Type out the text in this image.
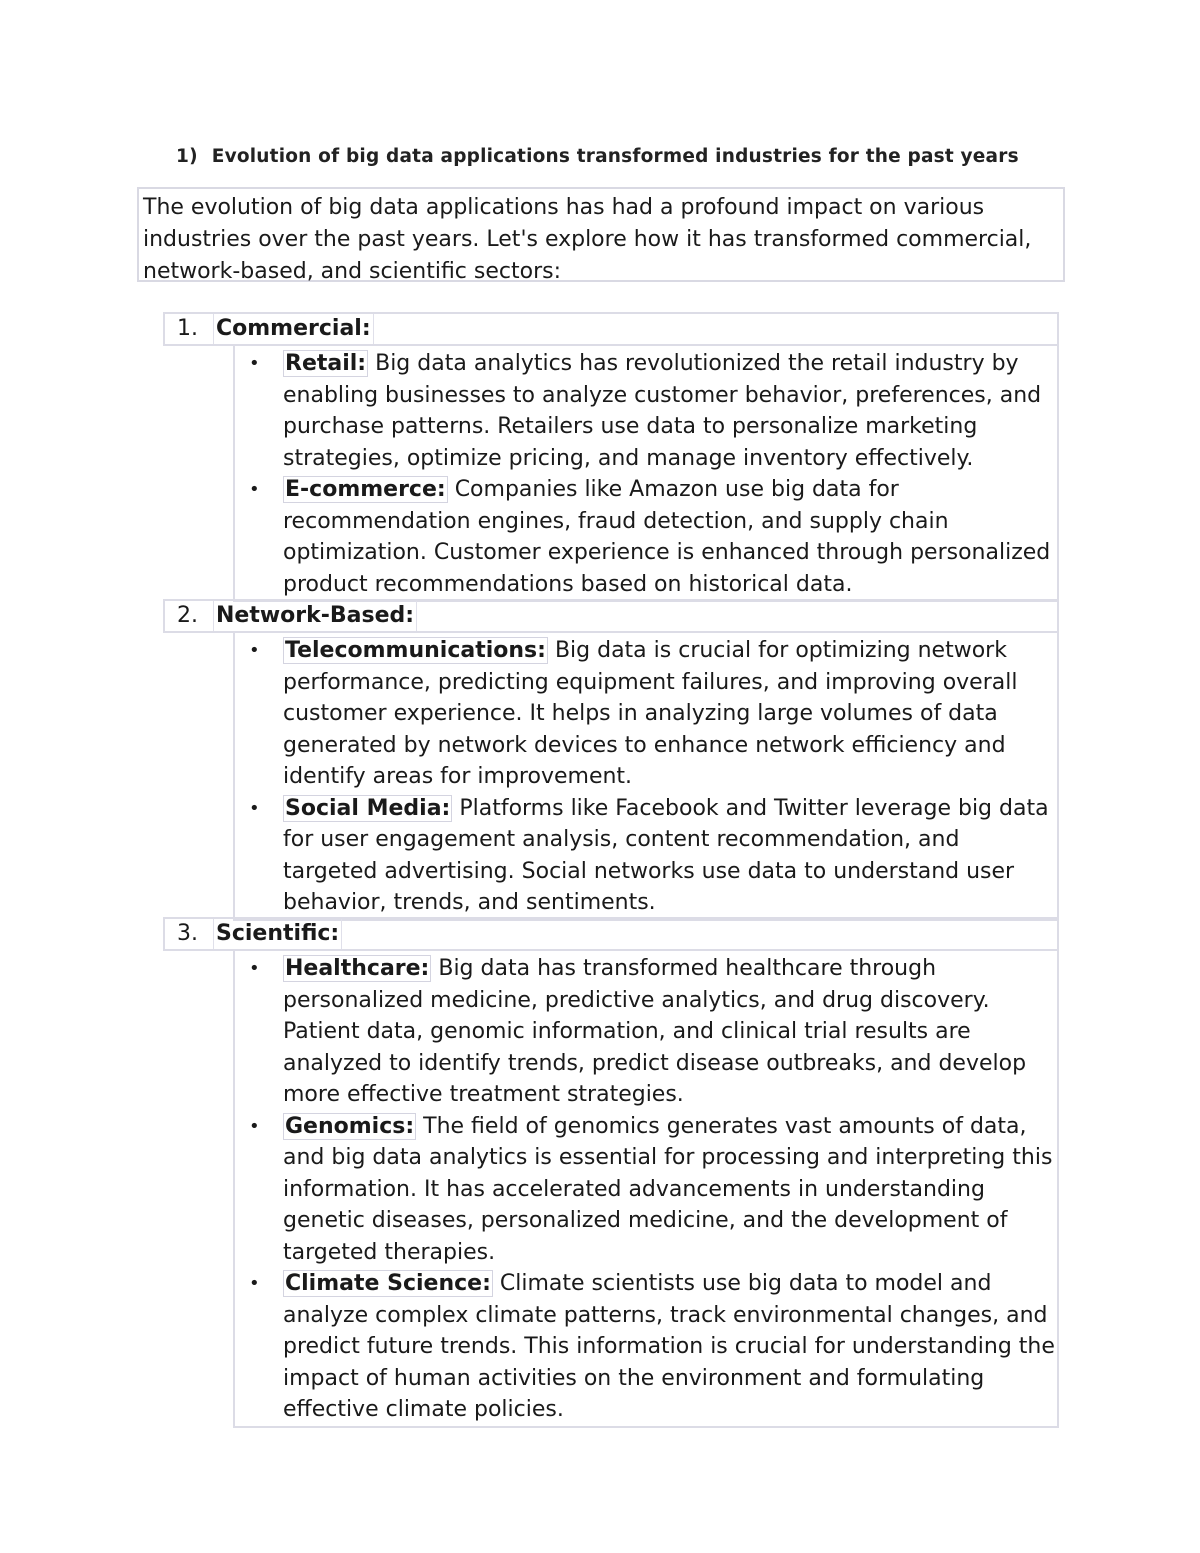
1) Evolution of big data applications transformed industries for the past years
The evolution of big data applications has had a profound impact on various industries over the past years. Let's explore how it has transformed commercial, network-based, and scientific sectors:
1. Commercial:
• Retail: Big data analytics has revolutionized the retail industry by enabling businesses to analyze customer behavior, preferences, and purchase patterns. Retailers use data to personalize marketing strategies, optimize pricing, and manage inventory effectively.
• E-commerce: Companies like Amazon use big data for recommendation engines, fraud detection, and supply chain optimization. Customer experience is enhanced through personalized product recommendations based on historical data.
2. Network-Based:
• Telecommunications: Big data is crucial for optimizing network performance, predicting equipment failures, and improving overall customer experience. It helps in analyzing large volumes of data generated by network devices to enhance network efficiency and identify areas for improvement.
• Social Media: Platforms like Facebook and Twitter leverage big data for user engagement analysis, content recommendation, and targeted advertising. Social networks use data to understand user behavior, trends, and sentiments.
3. Scientific:
• Healthcare: Big data has transformed healthcare through personalized medicine, predictive analytics, and drug discovery. Patient data, genomic information, and clinical trial results are analyzed to identify trends, predict disease outbreaks, and develop more effective treatment strategies.
• Genomics: The field of genomics generates vast amounts of data, and big data analytics is essential for processing and interpreting this information. It has accelerated advancements in understanding genetic diseases, personalized medicine, and the development of targeted therapies.
• Climate Science: Climate scientists use big data to model and analyze complex climate patterns, track environmental changes, and predict future trends. This information is crucial for understanding the impact of human activities on the environment and formulating effective climate policies.
